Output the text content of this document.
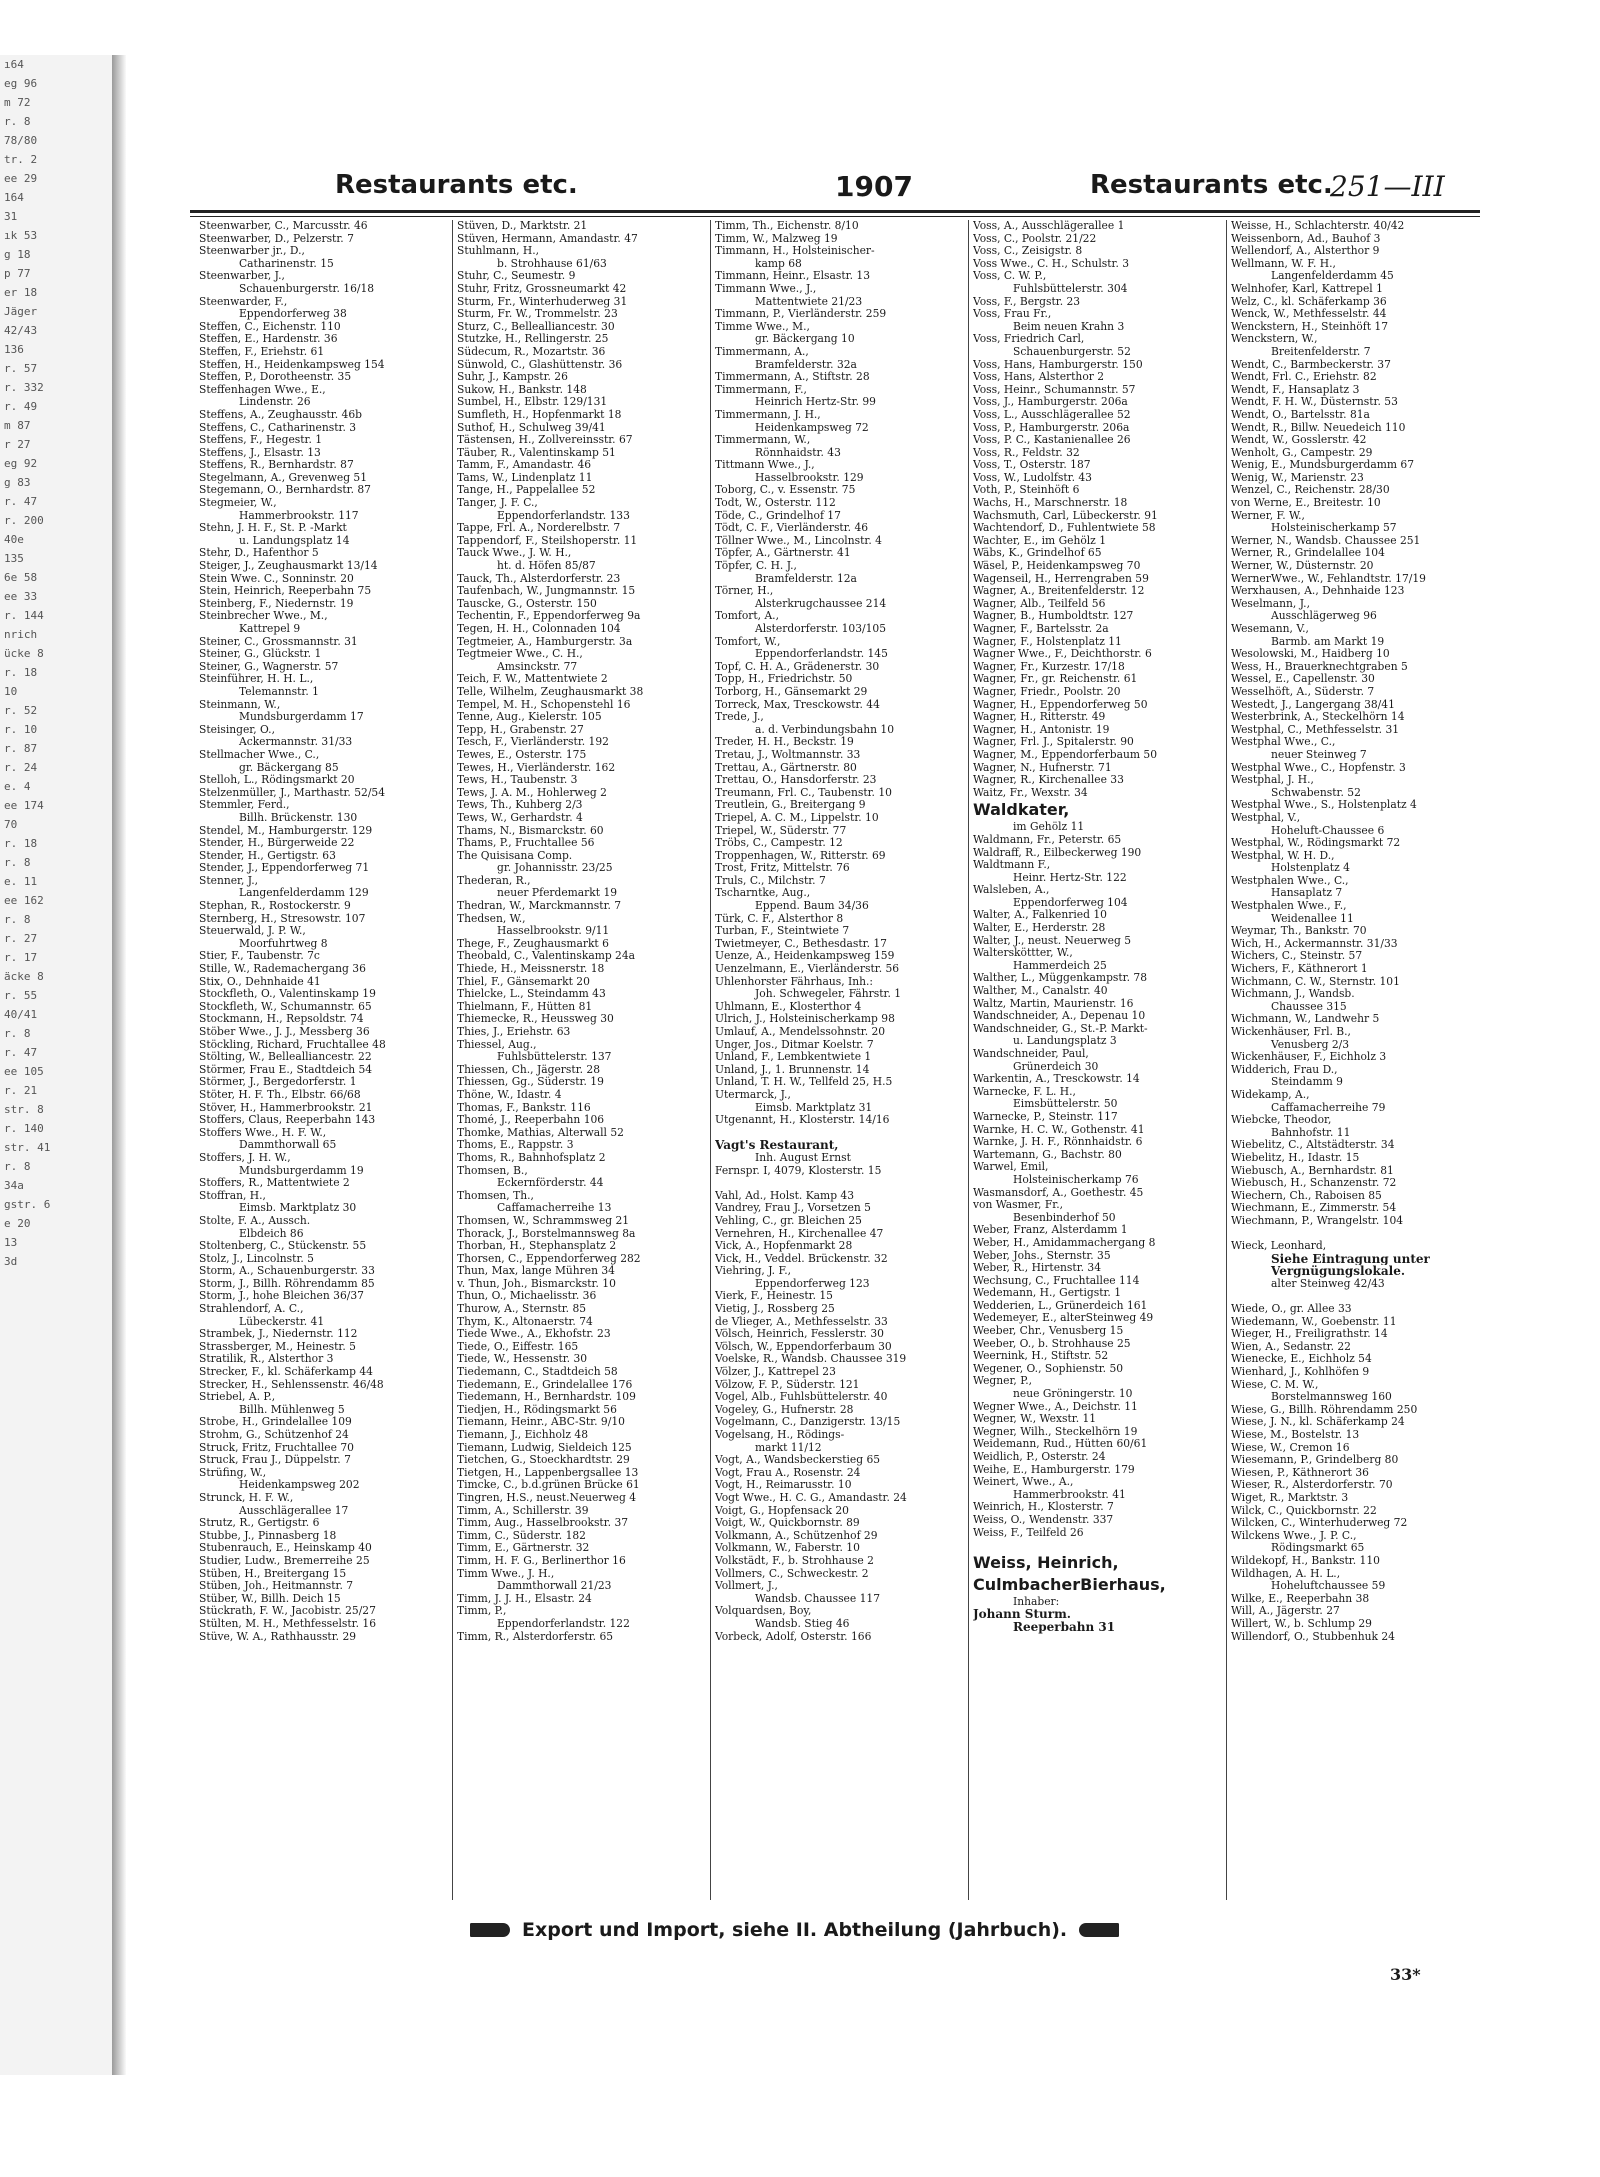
ı64
eg 96
m 72
r. 8
78/80
tr. 2
ee 29
164
31
ık 53
g 18
p 77
er 18
Jäger
42/43
136
r. 57
r. 332
r. 49
m 87
r 27
eg 92
g 83
r. 47
r. 200
40e
135
6e 58
ee 33
r. 144
nrich
ücke 8
r. 18
10
r. 52
r. 10
r. 87
r. 24
e. 4
ee 174
70
r. 18
r. 8
e. 11
ee 162
r. 8
r. 27
r. 17
äcke 8
r. 55
40/41
r. 8
r. 47
ee 105
r. 21
str. 8
r. 140
str. 41
r. 8
34a
gstr. 6
e 20
13
3d
Restaurants etc.	1907	Restaurants etc.
251—III
Steenwarber, C., Marcusstr. 46
Steenwarber, D., Pelzerstr. 7
Steenwarber jr., D.,
Catharinenstr. 15
Steenwarber, J.,
Schauenburgerstr. 16/18
Steenwarder, F.,
Eppendorferweg 38
Steffen, C., Eichenstr. 110
Steffen, E., Hardenstr. 36
Steffen, F., Eriehstr. 61
Steffen, H., Heidenkampsweg 154
Steffen, P., Dorotheenstr. 35
Steffenhagen Wwe., E.,
Lindenstr. 26
Steffens, A., Zeughausstr. 46b
Steffens, C., Catharinenstr. 3
Steffens, F., Hegestr. 1
Steffens, J., Elsastr. 13
Steffens, R., Bernhardstr. 87
Stegelmann, A., Grevenweg 51
Stegemann, O., Bernhardstr. 87
Stegmeier, W.,
Hammerbrookstr. 117
Stehn, J. H. F., St. P. -Markt
u. Landungsplatz 14
Stehr, D., Hafenthor 5
Steiger, J., Zeughausmarkt 13/14
Stein Wwe. C., Sonninstr. 20
Stein, Heinrich, Reeperbahn 75
Steinberg, F., Niedernstr. 19
Steinbrecher Wwe., M.,
Kattrepel 9
Steiner, C., Grossmannstr. 31
Steiner, G., Glückstr. 1
Steiner, G., Wagnerstr. 57
Steinführer, H. H. L.,
Telemannstr. 1
Steinmann, W.,
Mundsburgerdamm 17
Steisinger, O.,
Ackermannstr. 31/33
Stellmacher Wwe., C.,
gr. Bäckergang 85
Stelloh, L., Rödingsmarkt 20
Stelzenmüller, J., Marthastr. 52/54
Stemmler, Ferd.,
Billh. Brückenstr. 130
Stendel, M., Hamburgerstr. 129
Stender, H., Bürgerweide 22
Stender, H., Gertigstr. 63
Stender, J., Eppendorferweg 71
Stenner, J.,
Langenfelderdamm 129
Stephan, R., Rostockerstr. 9
Sternberg, H., Stresowstr. 107
Steuerwald, J. P. W.,
Moorfuhrtweg 8
Stier, F., Taubenstr. 7c
Stille, W., Rademachergang 36
Stix, O., Dehnhaide 41
Stockfleth, O., Valentinskamp 19
Stockfleth, W., Schumannstr. 65
Stockmann, H., Repsoldstr. 74
Stöber Wwe., J. J., Messberg 36
Stöckling, Richard, Fruchtallee 48
Stölting, W., Bellealliancestr. 22
Störmer, Frau E., Stadtdeich 54
Störmer, J., Bergedorferstr. 1
Stöter, H. F. Th., Elbstr. 66/68
Stöver, H., Hammerbrookstr. 21
Stoffers, Claus, Reeperbahn 143
Stoffers Wwe., H. F. W.,
Dammthorwall 65
Stoffers, J. H. W.,
Mundsburgerdamm 19
Stoffers, R., Mattentwiete 2
Stoffran, H.,
Eimsb. Marktplatz 30
Stolte, F. A., Aussch.
Elbdeich 86
Stoltenberg, C., Stückenstr. 55
Stolz, J., Lincolnstr. 5
Storm, A., Schauenburgerstr. 33
Storm, J., Billh. Röhrendamm 85
Storm, J., hohe Bleichen 36/37
Strahlendorf, A. C.,
Lübeckerstr. 41
Strambek, J., Niedernstr. 112
Strassberger, M., Heinestr. 5
Stratilik, R., Alsterthor 3
Strecker, F., kl. Schäferkamp 44
Strecker, H., Sehlenssenstr. 46/48
Striebel, A. P.,
Billh. Mühlenweg 5
Strobe, H., Grindelallee 109
Strohm, G., Schützenhof 24
Struck, Fritz, Fruchtallee 70
Struck, Frau J., Düppelstr. 7
Strüfing, W.,
Heidenkampsweg 202
Strunck, H. F. W.,
Ausschlägerallee 17
Strutz, R., Gertigstr. 6
Stubbe, J., Pinnasberg 18
Stubenrauch, E., Heinskamp 40
Studier, Ludw., Bremerreihe 25
Stüben, H., Breitergang 15
Stüben, Joh., Heitmannstr. 7
Stüber, W., Billh. Deich 15
Stückrath, F. W., Jacobistr. 25/27
Stülten, M. H., Methfesselstr. 16
Stüve, W. A., Rathhausstr. 29
Stüven, D., Marktstr. 21
Stüven, Hermann, Amandastr. 47
Stuhlmann, H.,
b. Strohhause 61/63
Stuhr, C., Seumestr. 9
Stuhr, Fritz, Grossneumarkt 42
Sturm, Fr., Winterhuderweg 31
Sturm, Fr. W., Trommelstr. 23
Sturz, C., Bellealliancestr. 30
Stutzke, H., Rellingerstr. 25
Südecum, R., Mozartstr. 36
Sünwold, C., Glashüttenstr. 36
Suhr, J., Kampstr. 26
Sukow, H., Bankstr. 148
Sumbel, H., Elbstr. 129/131
Sumfleth, H., Hopfenmarkt 18
Suthof, H., Schulweg 39/41
Tästensen, H., Zollvereinsstr. 67
Täuber, R., Valentinskamp 51
Tamm, F., Amandastr. 46
Tams, W., Lindenplatz 11
Tange, H., Pappelallee 52
Tanger, J. F. C.,
Eppendorferlandstr. 133
Tappe, Frl. A., Norderelbstr. 7
Tappendorf, F., Steilshoperstr. 11
Tauck Wwe., J. W. H.,
ht. d. Höfen 85/87
Tauck, Th., Alsterdorferstr. 23
Taufenbach, W., Jungmannstr. 15
Tauscke, G., Osterstr. 150
Techentin, F., Eppendorferweg 9a
Tegen, H. H., Colonnaden 104
Tegtmeier, A., Hamburgerstr. 3a
Tegtmeier Wwe., C. H.,
Amsinckstr. 77
Teich, F. W., Mattentwiete 2
Telle, Wilhelm, Zeughausmarkt 38
Tempel, M. H., Schopenstehl 16
Tenne, Aug., Kielerstr. 105
Tepp, H., Grabenstr. 27
Tesch, F., Vierländerstr. 192
Tewes, E., Osterstr. 175
Tewes, H., Vierländerstr. 162
Tews, H., Taubenstr. 3
Tews, J. A. M., Hohlerweg 2
Tews, Th., Kuhberg 2/3
Tews, W., Gerhardstr. 4
Thams, N., Bismarckstr. 60
Thams, P., Fruchtallee 56
The Quisisana Comp.
gr. Johannisstr. 23/25
Thederan, R.,
neuer Pferdemarkt 19
Thedran, W., Marckmannstr. 7
Thedsen, W.,
Hasselbrookstr. 9/11
Thege, F., Zeughausmarkt 6
Theobald, C., Valentinskamp 24a
Thiede, H., Meissnerstr. 18
Thiel, F., Gänsemarkt 20
Thielcke, L., Steindamm 43
Thielmann, F., Hütten 81
Thiemecke, R., Heussweg 30
Thies, J., Eriehstr. 63
Thiessel, Aug.,
Fuhlsbüttelerstr. 137
Thiessen, Ch., Jägerstr. 28
Thiessen, Gg., Süderstr. 19
Thöne, W., Idastr. 4
Thomas, F., Bankstr. 116
Thomé, J., Reeperbahn 106
Thomke, Mathias, Alterwall 52
Thoms, E., Rappstr. 3
Thoms, R., Bahnhofsplatz 2
Thomsen, B.,
Eckernförderstr. 44
Thomsen, Th.,
Caffamacherreihe 13
Thomsen, W., Schrammsweg 21
Thorack, J., Borstelmannsweg 8a
Thorban, H., Stephansplatz 2
Thorsen, C., Eppendorferweg 282
Thun, Max, lange Mühren 34
v. Thun, Joh., Bismarckstr. 10
Thun, O., Michaelisstr. 36
Thurow, A., Sternstr. 85
Thym, K., Altonaerstr. 74
Tiede Wwe., A., Ekhofstr. 23
Tiede, O., Eiffestr. 165
Tiede, W., Hessenstr. 30
Tiedemann, C., Stadtdeich 58
Tiedemann, E., Grindelallee 176
Tiedemann, H., Bernhardstr. 109
Tiedjen, H., Rödingsmarkt 56
Tiemann, Heinr., ABC-Str. 9/10
Tiemann, J., Eichholz 48
Tiemann, Ludwig, Sieldeich 125
Tietchen, G., Stoeckhardtstr. 29
Tietgen, H., Lappenbergsallee 13
Timcke, C., b.d.grünen Brücke 61
Tingren, H.S., neust.Neuerweg 4
Timm, A., Schillerstr. 39
Timm, Aug., Hasselbrookstr. 37
Timm, C., Süderstr. 182
Timm, E., Gärtnerstr. 32
Timm, H. F. G., Berlinerthor 16
Timm Wwe., J. H.,
Dammthorwall 21/23
Timm, J. J. H., Elsastr. 24
Timm, P.,
Eppendorferlandstr. 122
Timm, R., Alsterdorferstr. 65
Timm, Th., Eichenstr. 8/10
Timm, W., Malzweg 19
Timmann, H., Holsteinischer-
kamp 68
Timmann, Heinr., Elsastr. 13
Timmann Wwe., J.,
Mattentwiete 21/23
Timmann, P., Vierländerstr. 259
Timme Wwe., M.,
gr. Bäckergang 10
Timmermann, A.,
Bramfelderstr. 32a
Timmermann, A., Stiftstr. 28
Timmermann, F.,
Heinrich Hertz-Str. 99
Timmermann, J. H.,
Heidenkampsweg 72
Timmermann, W.,
Rönnhaidstr. 43
Tittmann Wwe., J.,
Hasselbrookstr. 129
Toborg, C., v. Essenstr. 75
Todt, W., Osterstr. 112
Töde, C., Grindelhof 17
Tödt, C. F., Vierländerstr. 46
Töllner Wwe., M., Lincolnstr. 4
Töpfer, A., Gärtnerstr. 41
Töpfer, C. H. J.,
Bramfelderstr. 12a
Törner, H.,
Alsterkrugchaussee 214
Tomfort, A.,
Alsterdorferstr. 103/105
Tomfort, W.,
Eppendorferlandstr. 145
Topf, C. H. A., Grädenerstr. 30
Topp, H., Friedrichstr. 50
Torborg, H., Gänsemarkt 29
Torreck, Max, Tresckowstr. 44
Trede, J.,
a. d. Verbindungsbahn 10
Treder, H. H., Beckstr. 19
Tretau, J., Woltmannstr. 33
Trettau, A., Gärtnerstr. 80
Trettau, O., Hansdorferstr. 23
Treumann, Frl. C., Taubenstr. 10
Treutlein, G., Breitergang 9
Triepel, A. C. M., Lippelstr. 10
Triepel, W., Süderstr. 77
Tröbs, C., Campestr. 12
Troppenhagen, W., Ritterstr. 69
Trost, Fritz, Mittelstr. 76
Truls, C., Milchstr. 7
Tscharntke, Aug.,
Eppend. Baum 34/36
Türk, C. F., Alsterthor 8
Turban, F., Steintwiete 7
Twietmeyer, C., Bethesdastr. 17
Uenze, A., Heidenkampsweg 159
Uenzelmann, E., Vierländerstr. 56
Uhlenhorster Fährhaus, Inh.:
Joh. Schwegeler, Fährstr. 1
Uhlmann, E., Klosterthor 4
Ulrich, J., Holsteinischerkamp 98
Umlauf, A., Mendelssohnstr. 20
Unger, Jos., Ditmar Koelstr. 7
Unland, F., Lembkentwiete 1
Unland, J., 1. Brunnenstr. 14
Unland, T. H. W., Tellfeld 25, H.5
Utermarck, J.,
Eimsb. Marktplatz 31
Utgenannt, H., Klosterstr. 14/16

Vagt's Restaurant,
Inh. August Ernst
Fernspr. I, 4079, Klosterstr. 15

Vahl, Ad., Holst. Kamp 43
Vandrey, Frau J., Vorsetzen 5
Vehling, C., gr. Bleichen 25
Vernehren, H., Kirchenallee 47
Vick, A., Hopfenmarkt 28
Vick, H., Veddel. Brückenstr. 32
Viehring, J. F.,
Eppendorferweg 123
Vierk, F., Heinestr. 15
Vietig, J., Rossberg 25
de Vlieger, A., Methfesselstr. 33
Völsch, Heinrich, Fesslerstr. 30
Völsch, W., Eppendorferbaum 30
Voelske, R., Wandsb. Chaussee 319
Völzer, J., Kattrepel 23
Völzow, F. P., Süderstr. 121
Vogel, Alb., Fuhlsbüttelerstr. 40
Vogeley, G., Hufnerstr. 28
Vogelmann, C., Danzigerstr. 13/15
Vogelsang, H., Rödings-
markt 11/12
Vogt, A., Wandsbeckerstieg 65
Vogt, Frau A., Rosenstr. 24
Vogt, H., Reimarusstr. 10
Vogt Wwe., H. C. G., Amandastr. 24
Voigt, G., Hopfensack 20
Voigt, W., Quickbornstr. 89
Volkmann, A., Schützenhof 29
Volkmann, W., Faberstr. 10
Volkstädt, F., b. Strohhause 2
Vollmers, C., Schweckestr. 2
Vollmert, J.,
Wandsb. Chaussee 117
Volquardsen, Boy,
Wandsb. Stieg 46
Vorbeck, Adolf, Osterstr. 166
Voss, A., Ausschlägerallee 1
Voss, C., Poolstr. 21/22
Voss, C., Zeisigstr. 8
Voss Wwe., C. H., Schulstr. 3
Voss, C. W. P.,
Fuhlsbüttelerstr. 304
Voss, F., Bergstr. 23
Voss, Frau Fr.,
Beim neuen Krahn 3
Voss, Friedrich Carl,
Schauenburgerstr. 52
Voss, Hans, Hamburgerstr. 150
Voss, Hans, Alsterthor 2
Voss, Heinr., Schumannstr. 57
Voss, J., Hamburgerstr. 206a
Voss, L., Ausschlägerallee 52
Voss, P., Hamburgerstr. 206a
Voss, P. C., Kastanienallee 26
Voss, R., Feldstr. 32
Voss, T., Osterstr. 187
Voss, W., Ludolfstr. 43
Voth, P., Steinhöft 6
Wachs, H., Marschnerstr. 18
Wachsmuth, Carl, Lübeckerstr. 91
Wachtendorf, D., Fuhlentwiete 58
Wachter, E., im Gehölz 1
Wäbs, K., Grindelhof 65
Wäsel, P., Heidenkampsweg 70
Wagenseil, H., Herrengraben 59
Wagner, A., Breitenfelderstr. 12
Wagner, Alb., Teilfeld 56
Wagner, B., Humboldtstr. 127
Wagner, F., Bartelsstr. 2a
Wagner, F., Holstenplatz 11
Wagner Wwe., F., Deichthorstr. 6
Wagner, Fr., Kurzestr. 17/18
Wagner, Fr., gr. Reichenstr. 61
Wagner, Friedr., Poolstr. 20
Wagner, H., Eppendorferweg 50
Wagner, H., Ritterstr. 49
Wagner, H., Antonistr. 19
Wagner, Frl. J., Spitalerstr. 90
Wagner, M., Eppendorferbaum 50
Wagner, N., Hufnerstr. 71
Wagner, R., Kirchenallee 33
Waitz, Fr., Wexstr. 34
Waldkater,
im Gehölz 11
Waldmann, Fr., Peterstr. 65
Waldraff, R., Eilbeckerweg 190
Waldtmann F.,
Heinr. Hertz-Str. 122
Walsleben, A.,
Eppendorferweg 104
Walter, A., Falkenried 10
Walter, E., Herderstr. 28
Walter, J., neust. Neuerweg 5
Waltersköttter, W.,
Hammerdeich 25
Walther, L., Müggenkampstr. 78
Walther, M., Canalstr. 40
Waltz, Martin, Maurienstr. 16
Wandschneider, A., Depenau 10
Wandschneider, G., St.-P. Markt-
u. Landungsplatz 3
Wandschneider, Paul,
Grünerdeich 30
Warkentin, A., Tresckowstr. 14
Warnecke, F. L. H.,
Eimsbüttelerstr. 50
Warnecke, P., Steinstr. 117
Warnke, H. C. W., Gothenstr. 41
Warnke, J. H. F., Rönnhaidstr. 6
Wartemann, G., Bachstr. 80
Warwel, Emil,
Holsteinischerkamp 76
Wasmansdorf, A., Goethestr. 45
von Wasmer, Fr.,
Besenbinderhof 50
Weber, Franz, Alsterdamm 1
Weber, H., Amidammachergang 8
Weber, Johs., Sternstr. 35
Weber, R., Hirtenstr. 34
Wechsung, C., Fruchtallee 114
Wedemann, H., Gertigstr. 1
Wedderien, L., Grünerdeich 161
Wedemeyer, E., alterSteinweg 49
Weeber, Chr., Venusberg 15
Weeber, O., b. Strohhause 25
Weernink, H., Stiftstr. 52
Wegener, O., Sophienstr. 50
Wegner, P.,
neue Gröningerstr. 10
Wegner Wwe., A., Deichstr. 11
Wegner, W., Wexstr. 11
Wegner, Wilh., Steckelhörn 19
Weidemann, Rud., Hütten 60/61
Weidlich, P., Osterstr. 24
Weihe, E., Hamburgerstr. 179
Weinert, Wwe., A.,
Hammerbrookstr. 41
Weinrich, H., Klosterstr. 7
Weiss, O., Wendenstr. 337
Weiss, F., Teilfeld 26

Weiss, Heinrich,
CulmbacherBierhaus,
Inhaber:
Johann Sturm.
Reeperbahn 31
Weisse, H., Schlachterstr. 40/42
Weissenborn, Ad., Bauhof 3
Wellendorf, A., Alsterthor 9
Wellmann, W. F. H.,
Langenfelderdamm 45
Welnhofer, Karl, Kattrepel 1
Welz, C., kl. Schäferkamp 36
Wenck, W., Methfesselstr. 44
Wenckstern, H., Steinhöft 17
Wenckstern, W.,
Breitenfelderstr. 7
Wendt, C., Barmbeckerstr. 37
Wendt, Frl. C., Eriehstr. 82
Wendt, F., Hansaplatz 3
Wendt, F. H. W., Düsternstr. 53
Wendt, O., Bartelsstr. 81a
Wendt, R., Billw. Neuedeich 110
Wendt, W., Gosslerstr. 42
Wenholt, G., Campestr. 29
Wenig, E., Mundsburgerdamm 67
Wenig, W., Marienstr. 23
Wenzel, C., Reichenstr. 28/30
von Werne, E., Breitestr. 10
Werner, F. W.,
Holsteinischerkamp 57
Werner, N., Wandsb. Chaussee 251
Werner, R., Grindelallee 104
Werner, W., Düsternstr. 20
WernerWwe., W., Fehlandtstr. 17/19
Werxhausen, A., Dehnhaide 123
Weselmann, J.,
Ausschlägerweg 96
Wesemann, V.,
Barmb. am Markt 19
Wesolowski, M., Haidberg 10
Wess, H., Brauerknechtgraben 5
Wessel, E., Capellenstr. 30
Wesselhöft, A., Süderstr. 7
Westedt, J., Langergang 38/41
Westerbrink, A., Steckelhörn 14
Westphal, C., Methfesselstr. 31
Westphal Wwe., C.,
neuer Steinweg 7
Westphal Wwe., C., Hopfenstr. 3
Westphal, J. H.,
Schwabenstr. 52
Westphal Wwe., S., Holstenplatz 4
Westphal, V.,
Hoheluft-Chaussee 6
Westphal, W., Rödingsmarkt 72
Westphal, W. H. D.,
Holstenplatz 4
Westphalen Wwe., C.,
Hansaplatz 7
Westphalen Wwe., F.,
Weidenallee 11
Weymar, Th., Bankstr. 70
Wich, H., Ackermannstr. 31/33
Wichers, C., Steinstr. 57
Wichers, F., Käthnerort 1
Wichmann, C. W., Sternstr. 101
Wichmann, J., Wandsb.
Chaussee 315
Wichmann, W., Landwehr 5
Wickenhäuser, Frl. B.,
Venusberg 2/3
Wickenhäuser, F., Eichholz 3
Widderich, Frau D.,
Steindamm 9
Widekamp, A.,
Caffamacherreihe 79
Wiebcke, Theodor,
Bahnhofstr. 11
Wiebelitz, C., Altstädterstr. 34
Wiebelitz, H., Idastr. 15
Wiebusch, A., Bernhardstr. 81
Wiebusch, H., Schanzenstr. 72
Wiechern, Ch., Raboisen 85
Wiechmann, E., Zimmerstr. 54
Wiechmann, P., Wrangelstr. 104

Wieck, Leonhard,
Siehe Eintragung unter
Vergnügungslokale.
alter Steinweg 42/43

Wiede, O., gr. Allee 33
Wiedemann, W., Goebenstr. 11
Wieger, H., Freiligrathstr. 14
Wien, A., Sedanstr. 22
Wienecke, E., Eichholz 54
Wienhard, J., Kohlhöfen 9
Wiese, C. M. W.,
Borstelmannsweg 160
Wiese, G., Billh. Röhrendamm 250
Wiese, J. N., kl. Schäferkamp 24
Wiese, M., Bostelstr. 13
Wiese, W., Cremon 16
Wiesemann, P., Grindelberg 80
Wiesen, P., Käthnerort 36
Wieser, R., Alsterdorferstr. 70
Wiget, R., Marktstr. 3
Wilck, C., Quickbornstr. 22
Wilcken, C., Winterhuderweg 72
Wilckens Wwe., J. P. C.,
Rödingsmarkt 65
Wildekopf, H., Bankstr. 110
Wildhagen, A. H. L.,
Hoheluftchaussee 59
Wilke, E., Reeperbahn 38
Will, A., Jägerstr. 27
Willert, W., b. Schlump 29
Willendorf, O., Stubbenhuk 24
Export und Import, siehe II. Abtheilung (Jahrbuch).
33*
